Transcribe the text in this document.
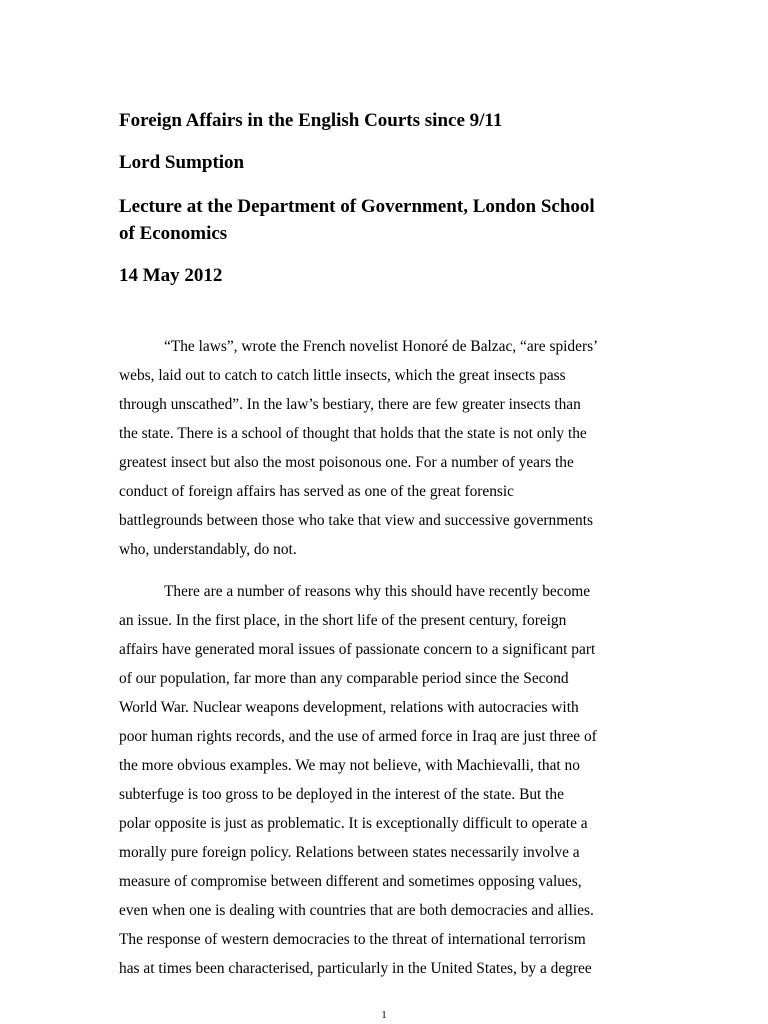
Foreign Affairs in the English Courts since 9/11
Lord Sumption
Lecture at the Department of Government, London School
of Economics
14 May 2012

“The laws”, wrote the French novelist Honoré de Balzac, “are spiders’
webs, laid out to catch to catch little insects, which the great insects pass
through unscathed”. In the law’s bestiary, there are few greater insects than
the state. There is a school of thought that holds that the state is not only the
greatest insect but also the most poisonous one. For a number of years the
conduct of foreign affairs has served as one of the great forensic
battlegrounds between those who take that view and successive governments
who, understandably, do not.

There are a number of reasons why this should have recently become
an issue. In the first place, in the short life of the present century, foreign
affairs have generated moral issues of passionate concern to a significant part
of our population, far more than any comparable period since the Second
World War. Nuclear weapons development, relations with autocracies with
poor human rights records, and the use of armed force in Iraq are just three of
the more obvious examples. We may not believe, with Machievalli, that no
subterfuge is too gross to be deployed in the interest of the state. But the
polar opposite is just as problematic. It is exceptionally difficult to operate a
morally pure foreign policy. Relations between states necessarily involve a
measure of compromise between different and sometimes opposing values,
even when one is dealing with countries that are both democracies and allies.
The response of western democracies to the threat of international terrorism
has at times been characterised, particularly in the United States, by a degree

1
